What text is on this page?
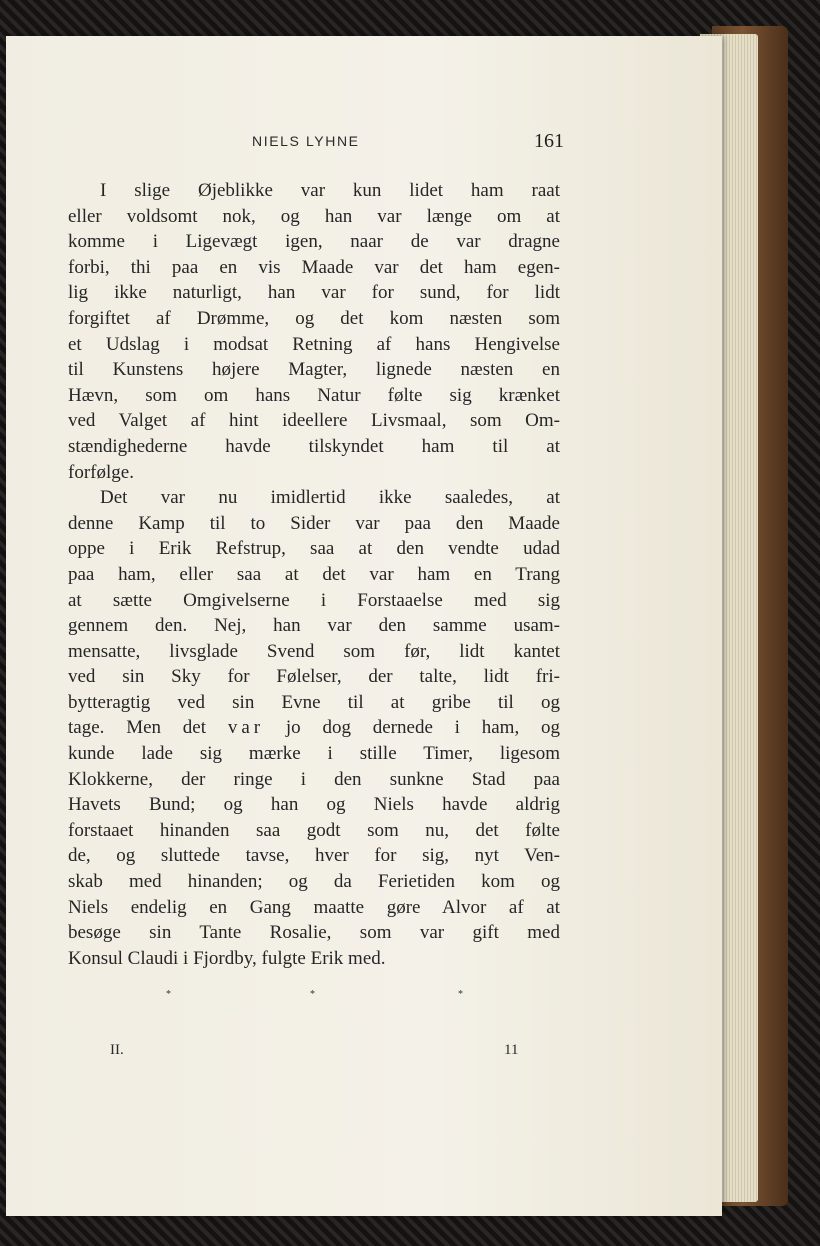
NIELS LYHNE	161
I slige Øjeblikke var kun lidet ham raat
eller voldsomt nok, og han var længe om at
komme i Ligevægt igen, naar de var dragne
forbi, thi paa en vis Maade var det ham egen-
lig ikke naturligt, han var for sund, for lidt
forgiftet af Drømme, og det kom næsten som
et Udslag i modsat Retning af hans Hengivelse
til Kunstens højere Magter, lignede næsten en
Hævn, som om hans Natur følte sig krænket
ved Valget af hint ideellere Livsmaal, som Om-
stændighederne havde tilskyndet ham til at
forfølge.
Det var nu imidlertid ikke saaledes, at
denne Kamp til to Sider var paa den Maade
oppe i Erik Refstrup, saa at den vendte udad
paa ham, eller saa at det var ham en Trang
at sætte Omgivelserne i Forstaaelse med sig
gennem den. Nej, han var den samme usam-
mensatte, livsglade Svend som før, lidt kantet
ved sin Sky for Følelser, der talte, lidt fri-
bytteragtig ved sin Evne til at gribe til og
tage. Men det var jo dog dernede i ham, og
kunde lade sig mærke i stille Timer, ligesom
Klokkerne, der ringe i den sunkne Stad paa
Havets Bund; og han og Niels havde aldrig
forstaaet hinanden saa godt som nu, det følte
de, og sluttede tavse, hver for sig, nyt Ven-
skab med hinanden; og da Ferietiden kom og
Niels endelig en Gang maatte gøre Alvor af at
besøge sin Tante Rosalie, som var gift med
Konsul Claudi i Fjordby, fulgte Erik med.
*	*	*
II.	11
